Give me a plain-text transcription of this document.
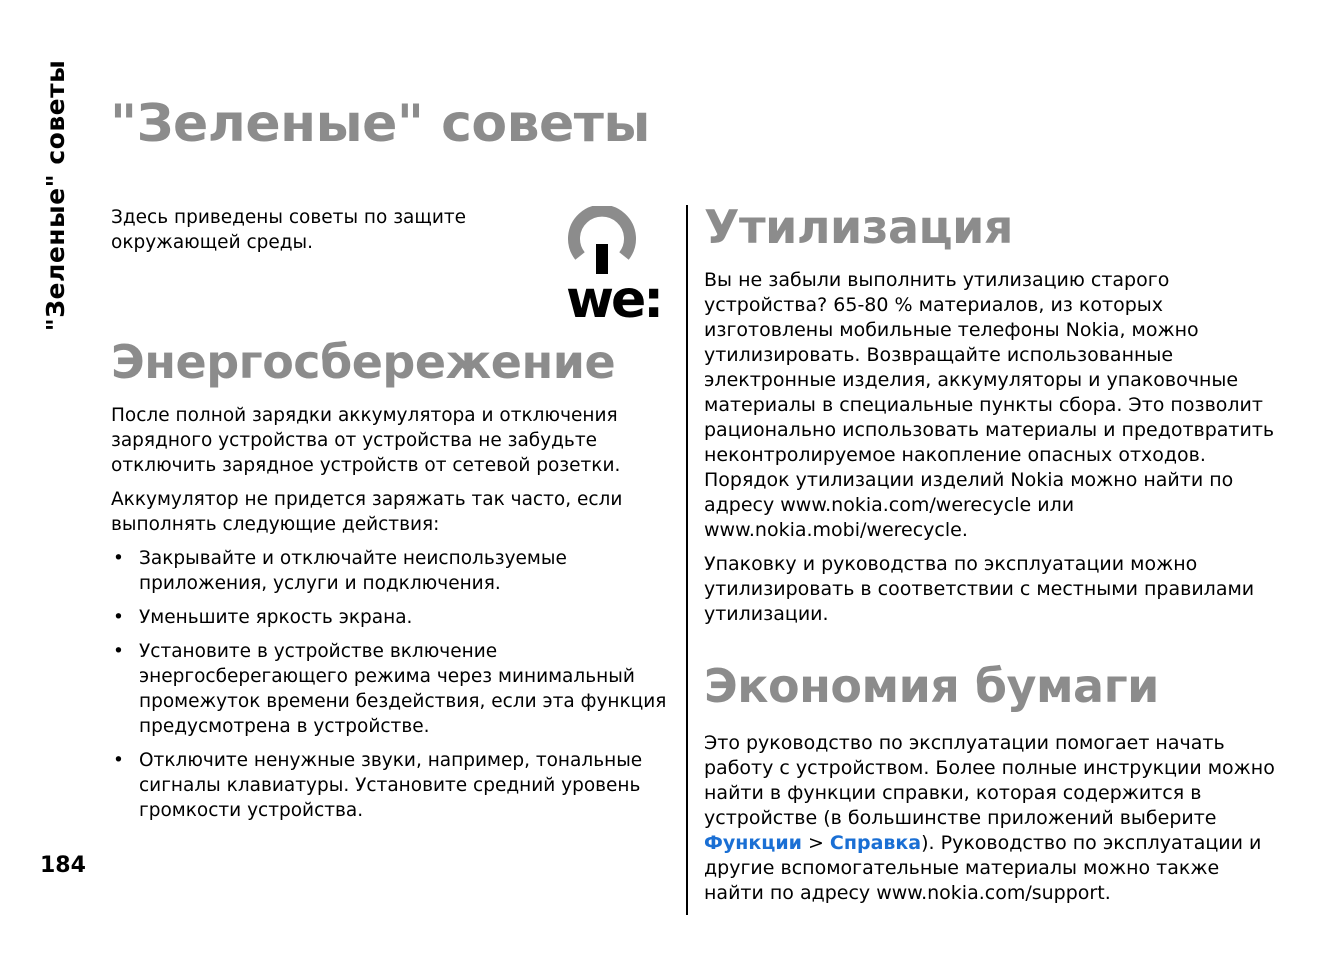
"Зеленые" советы
184
"Зеленые" советы
we:

Здесь приведены советы по защите окружающей среды.

Энергосбережение

После полной зарядки аккумулятора и отключения зарядного устройства от устройства не забудьте отключить зарядное устройств от сетевой розетки.

Аккумулятор не придется заряжать так часто, если выполнять следующие действия:

• Закрывайте и отключайте неиспользуемые приложения, услуги и подключения.
• Уменьшите яркость экрана.
• Установите в устройстве включение энергосберегающего режима через минимальный промежуток времени бездействия, если эта функция предусмотрена в устройстве.
• Отключите ненужные звуки, например, тональные сигналы клавиатуры. Установите средний уровень громкости устройства.
Утилизация

Вы не забыли выполнить утилизацию старого устройства? 65-80 % материалов, из которых изготовлены мобильные телефоны Nokia, можно утилизировать. Возвращайте использованные электронные изделия, аккумуляторы и упаковочные материалы в специальные пункты сбора. Это позволит рационально использовать материалы и предотвратить неконтролируемое накопление опасных отходов. Порядок утилизации изделий Nokia можно найти по адресу www.nokia.com/werecycle или www.nokia.mobi/werecycle.

Упаковку и руководства по эксплуатации можно утилизировать в соответствии с местными правилами утилизации.

Экономия бумаги

Это руководство по эксплуатации помогает начать работу с устройством. Более полные инструкции можно найти в функции справки, которая содержится в устройстве (в большинстве приложений выберите Функции > Справка). Руководство по эксплуатации и другие вспомогательные материалы можно также найти по адресу www.nokia.com/support.
